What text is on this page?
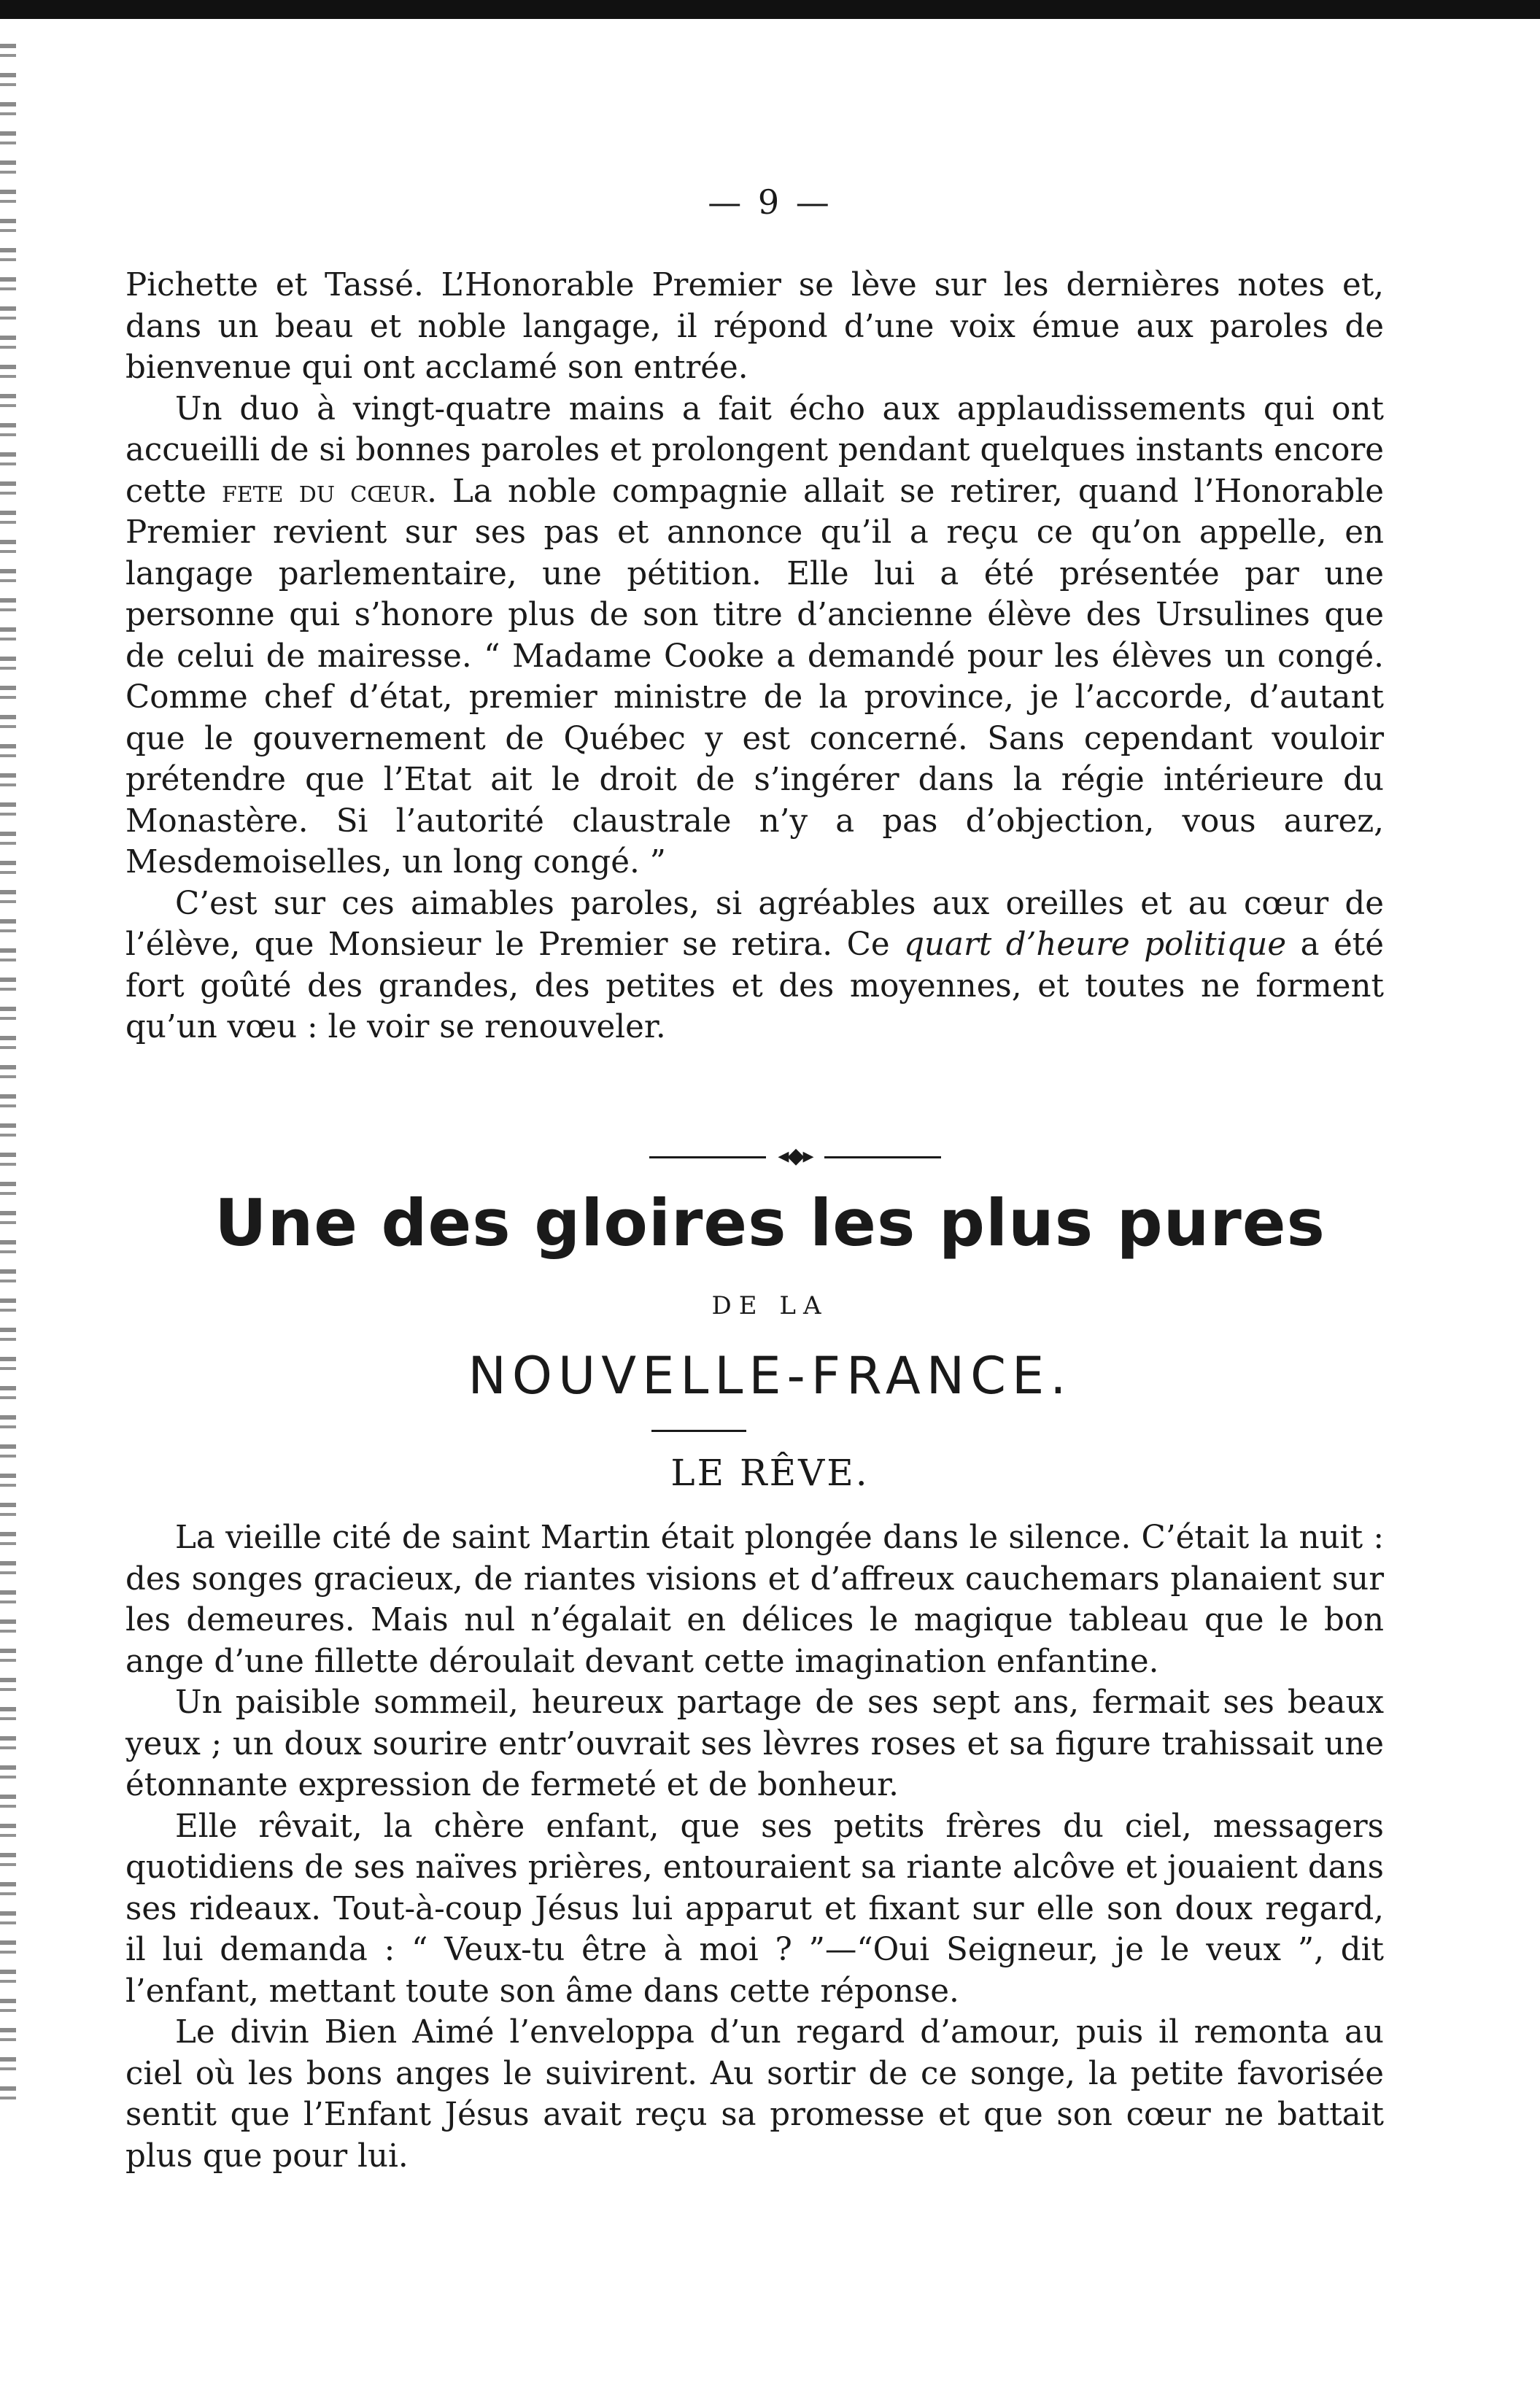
— 9 —

Pichette et Tassé. L’Honorable Premier se lève sur les dernières notes et, dans un beau et noble langage, il répond d’une voix émue aux paroles de bienvenue qui ont acclamé son entrée.

Un duo à vingt-quatre mains a fait écho aux applaudissements qui ont accueilli de si bonnes paroles et prolongent pendant quelques instants encore cette fete du cœur. La noble compagnie allait se retirer, quand l’Honorable Premier revient sur ses pas et annonce qu’il a reçu ce qu’on appelle, en langage parlementaire, une pétition. Elle lui a été présentée par une personne qui s’honore plus de son titre d’ancienne élève des Ursulines que de celui de mairesse. “ Madame Cooke a demandé pour les élèves un congé. Comme chef d’état, premier ministre de la province, je l’accorde, d’autant que le gouvernement de Québec y est concerné. Sans cependant vouloir prétendre que l’Etat ait le droit de s’ingérer dans la régie intérieure du Monastère. Si l’autorité claustrale n’y a pas d’objection, vous aurez, Mesdemoiselles, un long congé. ”

C’est sur ces aimables paroles, si agréables aux oreilles et au cœur de l’élève, que Monsieur le Premier se retira. Ce quart d’heure politique a été fort goûté des grandes, des petites et des moyennes, et toutes ne forment qu’un vœu : le voir se renouveler.

◂◆▸
Une des gloires les plus pures
DE LA
NOUVELLE-FRANCE.
LE RÊVE.

La vieille cité de saint Martin était plongée dans le silence. C’était la nuit : des songes gracieux, de riantes visions et d’affreux cauchemars planaient sur les demeures. Mais nul n’égalait en délices le magique tableau que le bon ange d’une fillette déroulait devant cette imagination enfantine.

Un paisible sommeil, heureux partage de ses sept ans, fermait ses beaux yeux ; un doux sourire entr’ouvrait ses lèvres roses et sa figure trahissait une étonnante expression de fermeté et de bonheur.

Elle rêvait, la chère enfant, que ses petits frères du ciel, messagers quotidiens de ses naïves prières, entouraient sa riante alcôve et jouaient dans ses rideaux. Tout-à-coup Jésus lui apparut et fixant sur elle son doux regard, il lui demanda : “ Veux-tu être à moi ? ”—“Oui Seigneur, je le veux ”, dit l’enfant, mettant toute son âme dans cette réponse.

Le divin Bien Aimé l’enveloppa d’un regard d’amour, puis il remonta au ciel où les bons anges le suivirent. Au sortir de ce songe, la petite favorisée sentit que l’Enfant Jésus avait reçu sa promesse et que son cœur ne battait plus que pour lui.
